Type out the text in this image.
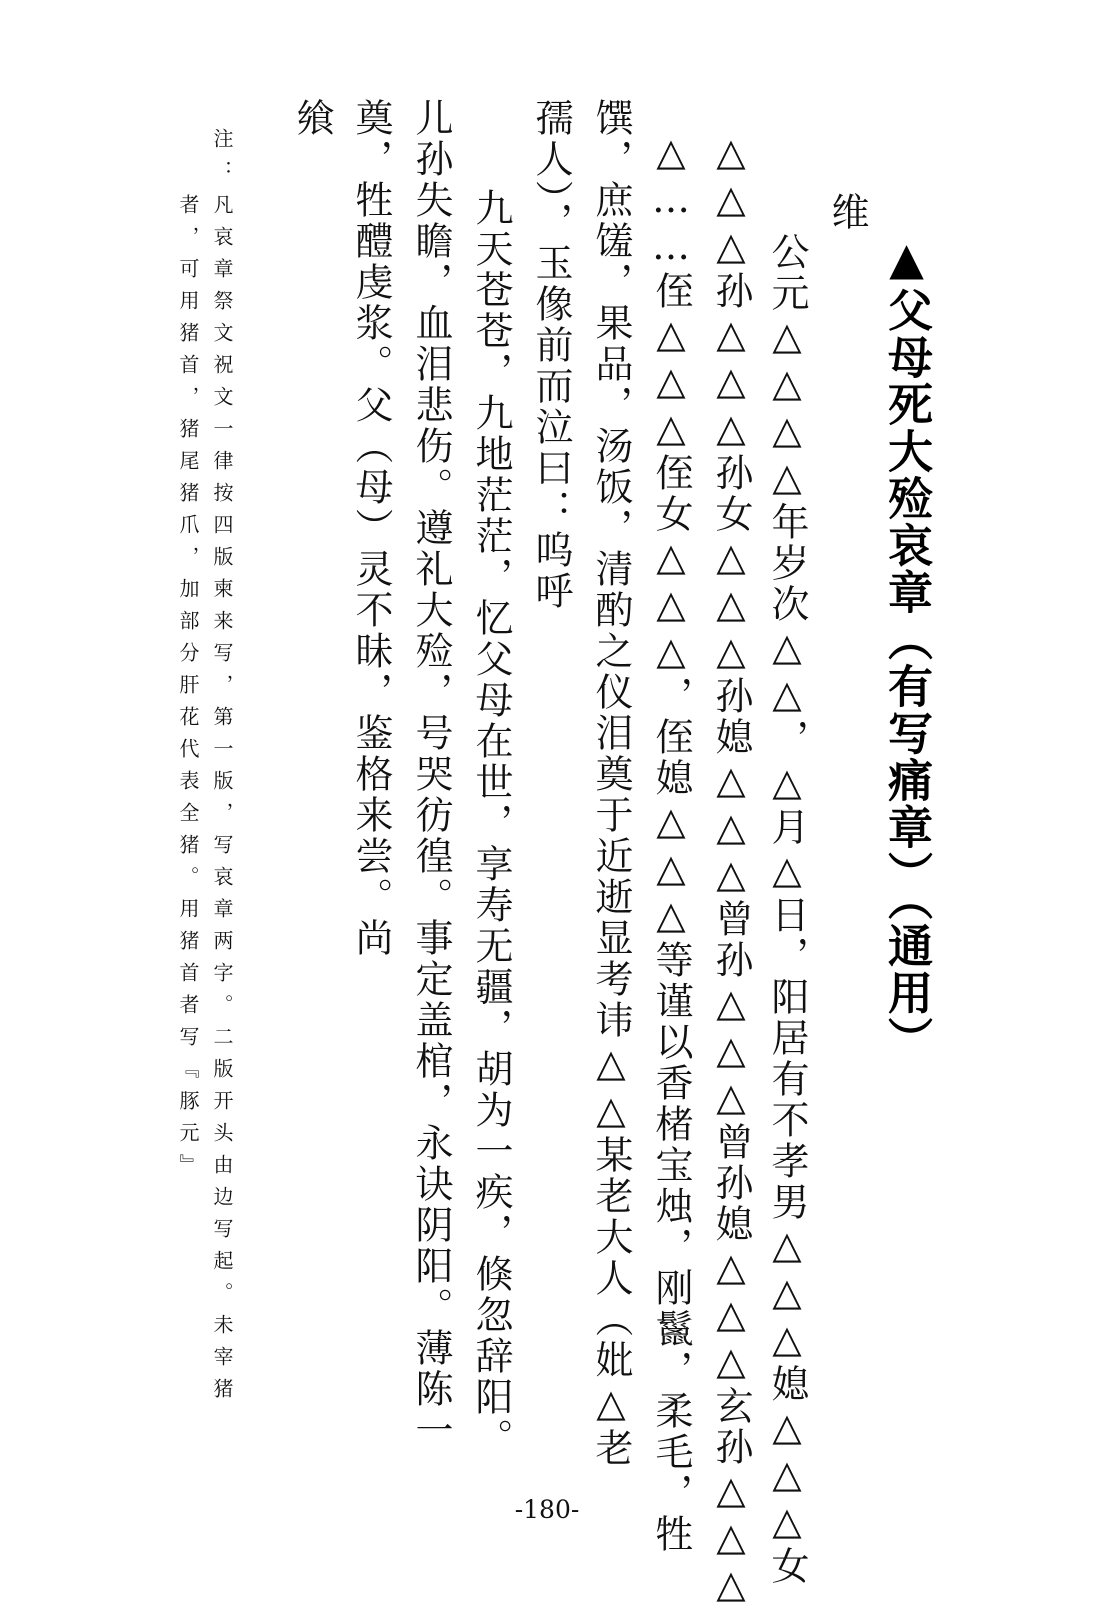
▲父母死大殓哀章（有写痛章）（通用）
维
公元△△△△年岁次△△，△月△日，阳居有不孝男△△△媳△△△女
△△△孙△△△孙女△△△孙媳△△△曾孙△△△曾孙媳△△△玄孙△△△
△……侄△△△侄女△△△，侄媳△△△等谨以香楮宝烛，刚鬣，柔毛，牲
馔，庶馐，果品，汤饭，清酌之仪泪奠于近逝显考讳△△某老大人（妣△老
孺人），玉像前而泣曰：呜呼
九天苍苍，九地茫茫，忆父母在世，享寿无疆，胡为一疾，倏忽辞阳。
儿孙失瞻，血泪悲伤。遵礼大殓，号哭彷徨。事定盖棺，永诀阴阳。薄陈一
奠，牲醴虔浆。父（母）灵不昧，鉴格来尝。尚
飨
注：
凡哀章祭文祝文一律按四版柬来写，第一版，写哀章两字。二版开头由边写起。未宰猪
者，可用猪首，猪尾猪爪，加部分肝花代表全猪。用猪首者写『豚元』
-180-
